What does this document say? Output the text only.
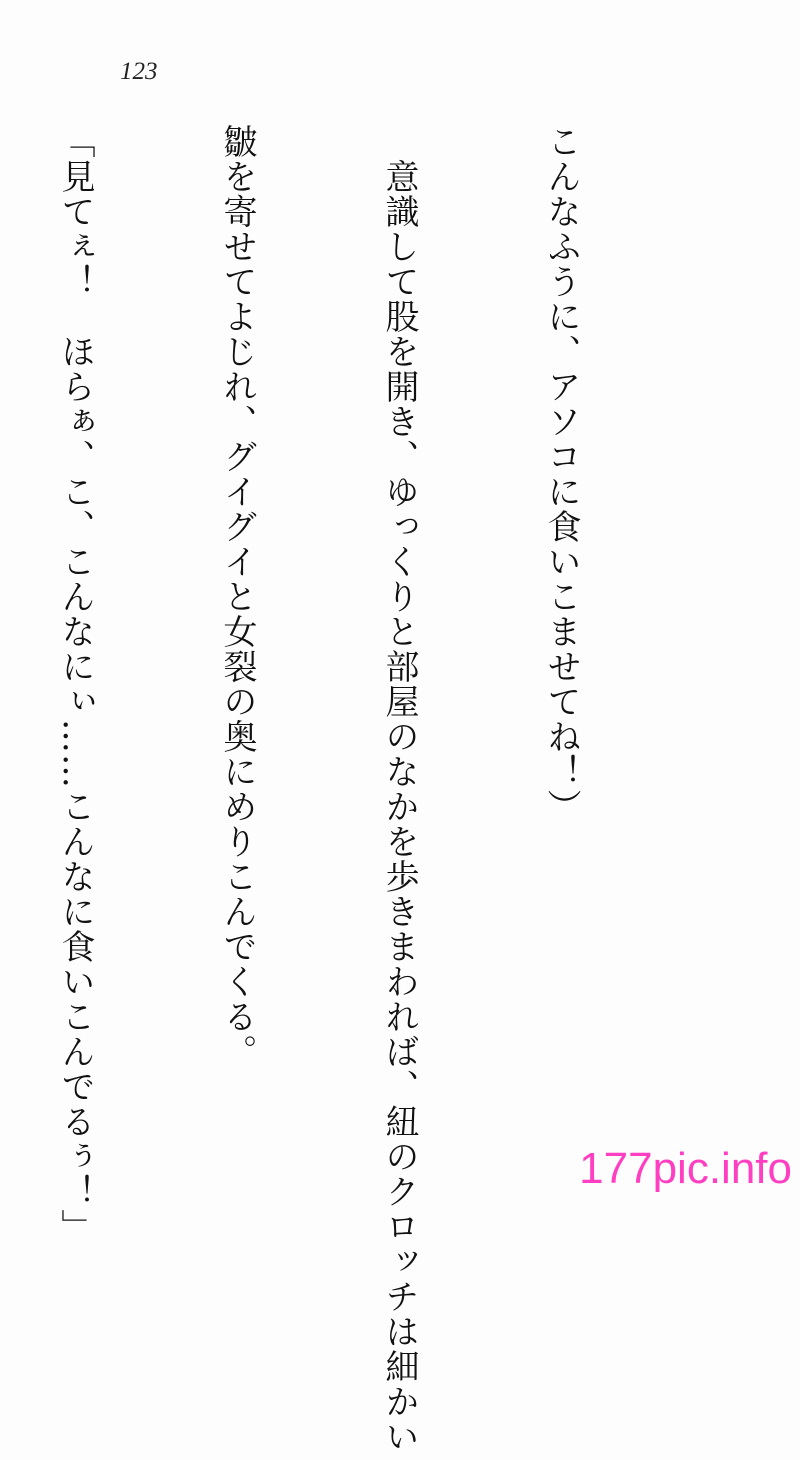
123

こんなふうに、アソコに食いこませてね！）

　意識して股を開き、ゆっくりと部屋のなかを歩きまわれば、紐のクロッチは細かい

皺を寄せてよじれ、グイグイと女裂の奥にめりこんでくる。

「見てぇ！　ほらぁ、こ、こんなにぃ……こんなに食いこんでるぅ！」

	177pic.info
